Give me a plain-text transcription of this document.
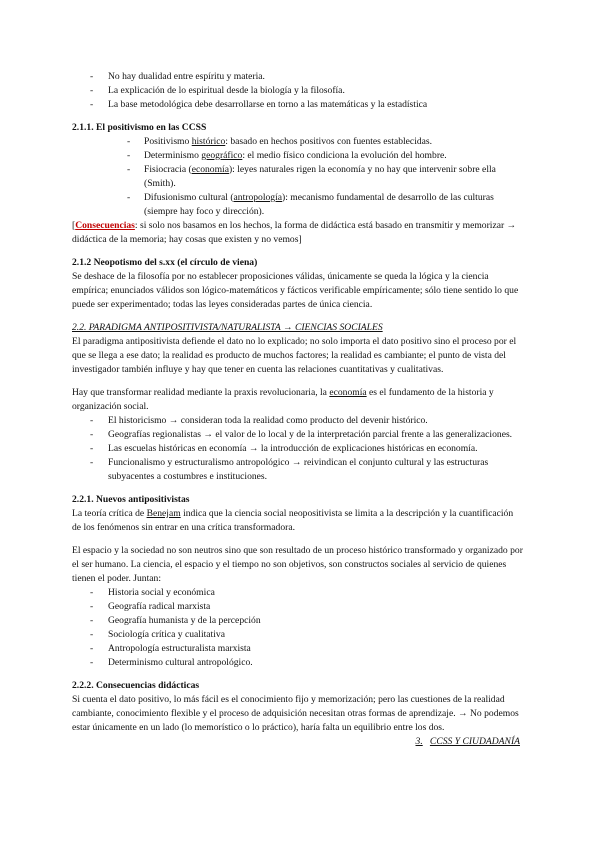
- No hay dualidad entre espíritu y materia.
- La explicación de lo espiritual desde la biología y la filosofía.
- La base metodológica debe desarrollarse en torno a las matemáticas y la estadística

2.1.1. El positivismo en las CCSS

- Positivismo histórico: basado en hechos positivos con fuentes establecidas.
- Determinismo geográfico: el medio físico condiciona la evolución del hombre.
- Fisiocracia (economía): leyes naturales rigen la economía y no hay que intervenir sobre ella (Smith).
- Difusionismo cultural (antropología): mecanismo fundamental de desarrollo de las culturas (siempre hay foco y dirección).

[Consecuencias: si solo nos basamos en los hechos, la forma de didáctica está basado en transmitir y memorizar → didáctica de la memoria; hay cosas que existen y no vemos]

2.1.2 Neopotismo del s.xx (el círculo de viena)

Se deshace de la filosofía por no establecer proposiciones válidas, únicamente se queda la lógica y la ciencia empírica; enunciados válidos son lógico-matemáticos y fácticos verificable empíricamente; sólo tiene sentido lo que puede ser experimentado; todas las leyes consideradas partes de única ciencia.

2.2. PARADIGMA ANTIPOSITIVISTA/NATURALISTA → CIENCIAS SOCIALES

El paradigma antipositivista defiende el dato no lo explicado; no solo importa el dato positivo sino el proceso por el que se llega a ese dato; la realidad es producto de muchos factores; la realidad es cambiante; el punto de vista del investigador también influye y hay que tener en cuenta las relaciones cuantitativas y cualitativas.

Hay que transformar realidad mediante la praxis revolucionaria, la economía es el fundamento de la historia y organización social.

- El historicismo → consideran toda la realidad como producto del devenir histórico.
- Geografías regionalistas → el valor de lo local y de la interpretación parcial frente a las generalizaciones.
- Las escuelas históricas en economía → la introducción de explicaciones históricas en economía.
- Funcionalismo y estructuralismo antropológico → reivindican el conjunto cultural y las estructuras subyacentes a costumbres e instituciones.

2.2.1. Nuevos antipositivistas

La teoría crítica de Benejam indica que la ciencia social neopositivista se limita a la descripción y la cuantificación de los fenómenos sin entrar en una crítica transformadora.

El espacio y la sociedad no son neutros sino que son resultado de un proceso histórico transformado y organizado por el ser humano. La ciencia, el espacio y el tiempo no son objetivos, son constructos sociales al servicio de quienes tienen el poder. Juntan:

- Historia social y económica
- Geografía radical marxista
- Geografía humanista y de la percepción
- Sociología crítica y cualitativa
- Antropología estructuralista marxista
- Determinismo cultural antropológico.

2.2.2. Consecuencias didácticas

Si cuenta el dato positivo, lo más fácil es el conocimiento fijo y memorización; pero las cuestiones de la realidad cambiante, conocimiento flexible y el proceso de adquisición necesitan otras formas de aprendizaje. → No podemos estar únicamente en un lado (lo memorístico o lo práctico), haría falta un equilibrio entre los dos.

3. CCSS Y CIUDADANÍA
